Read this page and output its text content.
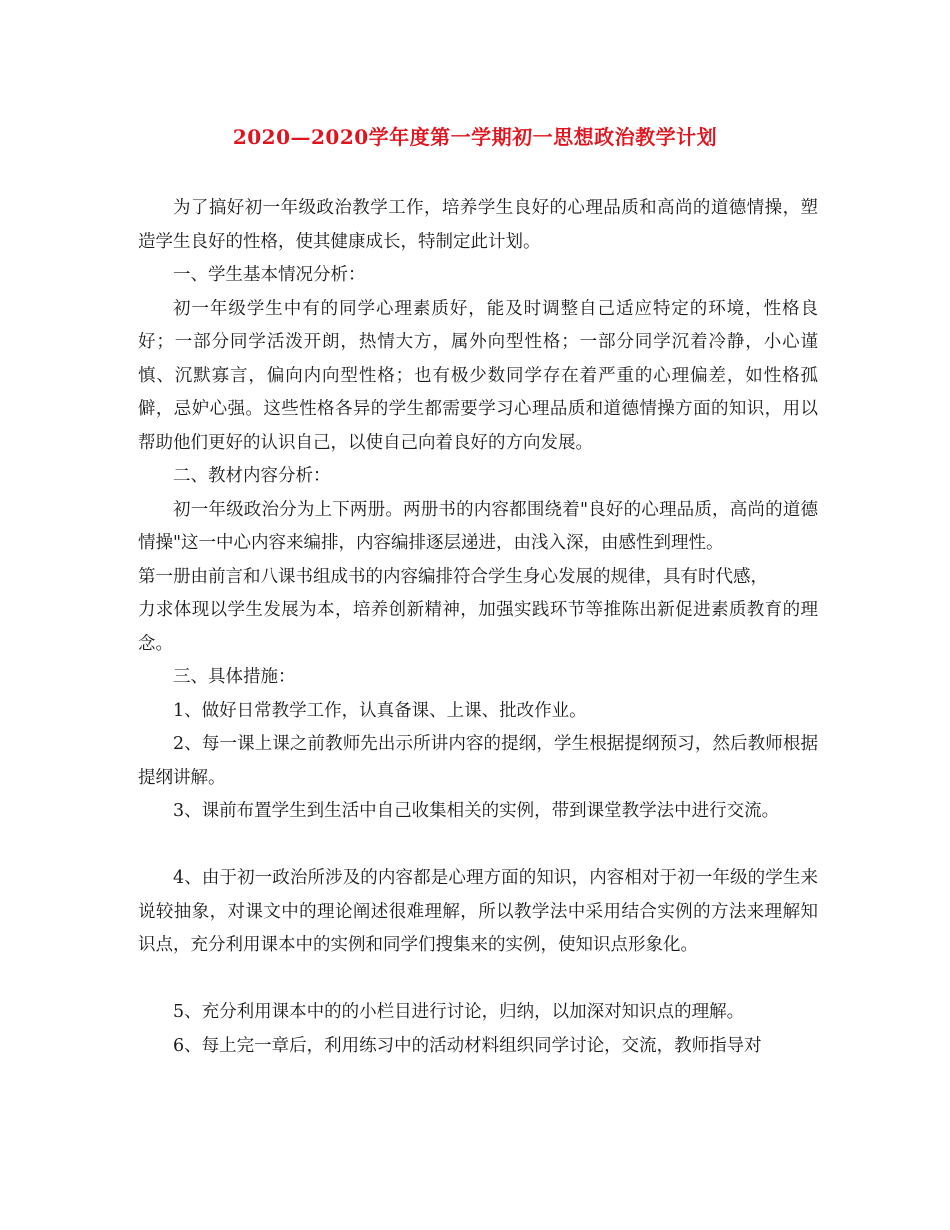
2020—2020学年度第一学期初一思想政治教学计划

为了搞好初一年级政治教学工作，培养学生良好的心理品质和高尚的道德情操，塑造学生良好的性格，使其健康成长，特制定此计划。

一、学生基本情况分析：

初一年级学生中有的同学心理素质好，能及时调整自己适应特定的环境，性格良好；一部分同学活泼开朗，热情大方，属外向型性格；一部分同学沉着冷静，小心谨慎、沉默寡言，偏向内向型性格；也有极少数同学存在着严重的心理偏差，如性格孤僻，忌妒心强。这些性格各异的学生都需要学习心理品质和道德情操方面的知识，用以帮助他们更好的认识自己，以使自己向着良好的方向发展。

二、教材内容分析：

初一年级政治分为上下两册。两册书的内容都围绕着"良好的心理品质，高尚的道德情操"这一中心内容来编排，内容编排逐层递进，由浅入深，由感性到理性。

第一册由前言和八课书组成书的内容编排符合学生身心发展的规律，具有时代感，

力求体现以学生发展为本，培养创新精神，加强实践环节等推陈出新促进素质教育的理念。

三、具体措施：

1、做好日常教学工作，认真备课、上课、批改作业。

2、每一课上课之前教师先出示所讲内容的提纲，学生根据提纲预习，然后教师根据提纲讲解。

3、课前布置学生到生活中自己收集相关的实例，带到课堂教学法中进行交流。

4、由于初一政治所涉及的内容都是心理方面的知识，内容相对于初一年级的学生来说较抽象，对课文中的理论阐述很难理解，所以教学法中采用结合实例的方法来理解知识点，充分利用课本中的实例和同学们搜集来的实例，使知识点形象化。

5、充分利用课本中的的小栏目进行讨论，归纳，以加深对知识点的理解。

6、每上完一章后，利用练习中的活动材料组织同学讨论，交流，教师指导对
